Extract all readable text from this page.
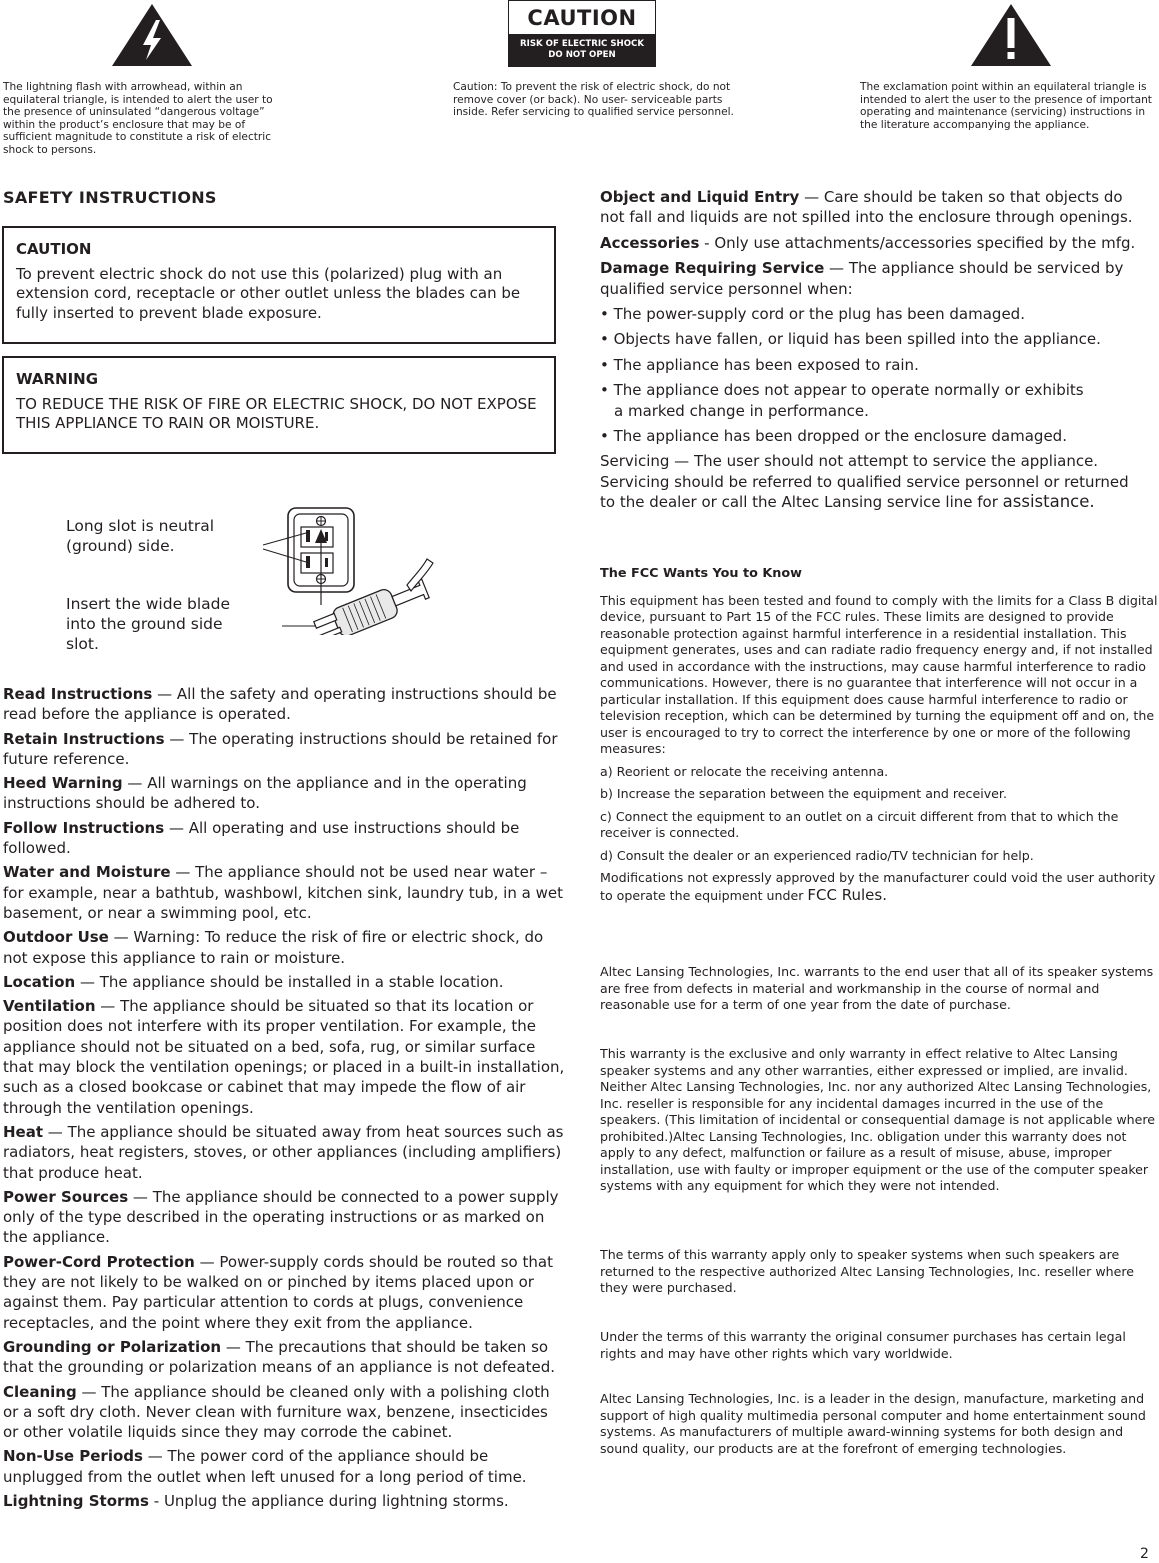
The lightning flash with arrowhead, within an equilateral triangle, is intended to alert the user to the presence of uninsulated “dangerous voltage” within the product’s enclosure that may be of sufficient magnitude to constitute a risk of electric shock to persons.

CAUTION
RISK OF ELECTRIC SHOCK
DO NOT OPEN

Caution: To prevent the risk of electric shock, do not remove cover (or back). No user- serviceable parts inside. Refer servicing to qualified service personnel.

The exclamation point within an equilateral triangle is intended to alert the user to the presence of important operating and maintenance (servicing) instructions in the literature accompanying the appliance.

SAFETY INSTRUCTIONS
CAUTION
To prevent electric shock do not use this (polarized) plug with an extension cord, receptacle or other outlet unless the blades can be fully inserted to prevent blade exposure.
WARNING
TO REDUCE THE RISK OF FIRE OR ELECTRIC SHOCK, DO NOT EXPOSE THIS APPLIANCE TO RAIN OR MOISTURE.

Long slot is neutral (ground) side.

Insert the wide blade into the ground side slot.

Read Instructions — All the safety and operating instructions should be read before the appliance is operated.

Retain Instructions — The operating instructions should be retained for future reference.

Heed Warning — All warnings on the appliance and in the operating instructions should be adhered to.

Follow Instructions — All operating and use instructions should be followed.

Water and Moisture — The appliance should not be used near water – for example, near a bathtub, washbowl, kitchen sink, laundry tub, in a wet basement, or near a swimming pool, etc.

Outdoor Use — Warning: To reduce the risk of fire or electric shock, do not expose this appliance to rain or moisture.

Location — The appliance should be installed in a stable location.

Ventilation — The appliance should be situated so that its location or position does not interfere with its proper ventilation. For example, the appliance should not be situated on a bed, sofa, rug, or similar surface that may block the ventilation openings; or placed in a built-in installation, such as a closed bookcase or cabinet that may impede the flow of air through the ventilation openings.

Heat — The appliance should be situated away from heat sources such as radiators, heat registers, stoves, or other appliances (including amplifiers) that produce heat.

Power Sources — The appliance should be connected to a power supply only of the type described in the operating instructions or as marked on the appliance.

Power-Cord Protection — Power-supply cords should be routed so that they are not likely to be walked on or pinched by items placed upon or against them. Pay particular attention to cords at plugs, convenience receptacles, and the point where they exit from the appliance.

Grounding or Polarization — The precautions that should be taken so that the grounding or polarization means of an appliance is not defeated.

Cleaning — The appliance should be cleaned only with a polishing cloth or a soft dry cloth. Never clean with furniture wax, benzene, insecticides or other volatile liquids since they may corrode the cabinet.

Non-Use Periods — The power cord of the appliance should be unplugged from the outlet when left unused for a long period of time.

Lightning Storms - Unplug the appliance during lightning storms.

Object and Liquid Entry — Care should be taken so that objects do not fall and liquids are not spilled into the enclosure through openings.

Accessories - Only use attachments/accessories specified by the mfg.

Damage Requiring Service — The appliance should be serviced by qualified service personnel when:

• The power-supply cord or the plug has been damaged.

• Objects have fallen, or liquid has been spilled into the appliance.

• The appliance has been exposed to rain.

• The appliance does not appear to operate normally or exhibits

a marked change in performance.

• The appliance has been dropped or the enclosure damaged.

Servicing — The user should not attempt to service the appliance. Servicing should be referred to qualified service personnel or returned to the dealer or call the Altec Lansing service line for assistance.

The FCC Wants You to Know

This equipment has been tested and found to comply with the limits for a Class B digital device, pursuant to Part 15 of the FCC rules. These limits are designed to provide reasonable protection against harmful interference in a residential installation. This equipment generates, uses and can radiate radio frequency energy and, if not installed and used in accordance with the instructions, may cause harmful interference to radio communications. However, there is no guarantee that interference will not occur in a particular installation. If this equipment does cause harmful interference to radio or television reception, which can be determined by turning the equipment off and on, the user is encouraged to try to correct the interference by one or more of the following measures:

a) Reorient or relocate the receiving antenna.

b) Increase the separation between the equipment and receiver.

c) Connect the equipment to an outlet on a circuit different from that to which the receiver is connected.

d) Consult the dealer or an experienced radio/TV technician for help.

Modifications not expressly approved by the manufacturer could void the user authority to operate the equipment under FCC Rules.

Altec Lansing Technologies, Inc. warrants to the end user that all of its speaker systems are free from defects in material and workmanship in the course of normal and reasonable use for a term of one year from the date of purchase.

This warranty is the exclusive and only warranty in effect relative to Altec Lansing speaker systems and any other warranties, either expressed or implied, are invalid. Neither Altec Lansing Technologies, Inc. nor any authorized Altec Lansing Technologies, Inc. reseller is responsible for any incidental damages incurred in the use of the speakers. (This limitation of incidental or consequential damage is not applicable where prohibited.)Altec Lansing Technologies, Inc. obligation under this warranty does not apply to any defect, malfunction or failure as a result of misuse, abuse, improper installation, use with faulty or improper equipment or the use of the computer speaker systems with any equipment for which they were not intended.

The terms of this warranty apply only to speaker systems when such speakers are returned to the respective authorized Altec Lansing Technologies, Inc. reseller where they were purchased.

Under the terms of this warranty the original consumer purchases has certain legal rights and may have other rights which vary worldwide.

Altec Lansing Technologies, Inc. is a leader in the design, manufacture, marketing and support of high quality multimedia personal computer and home entertainment sound systems. As manufacturers of multiple award-winning systems for both design and sound quality, our products are at the forefront of emerging technologies.

2
